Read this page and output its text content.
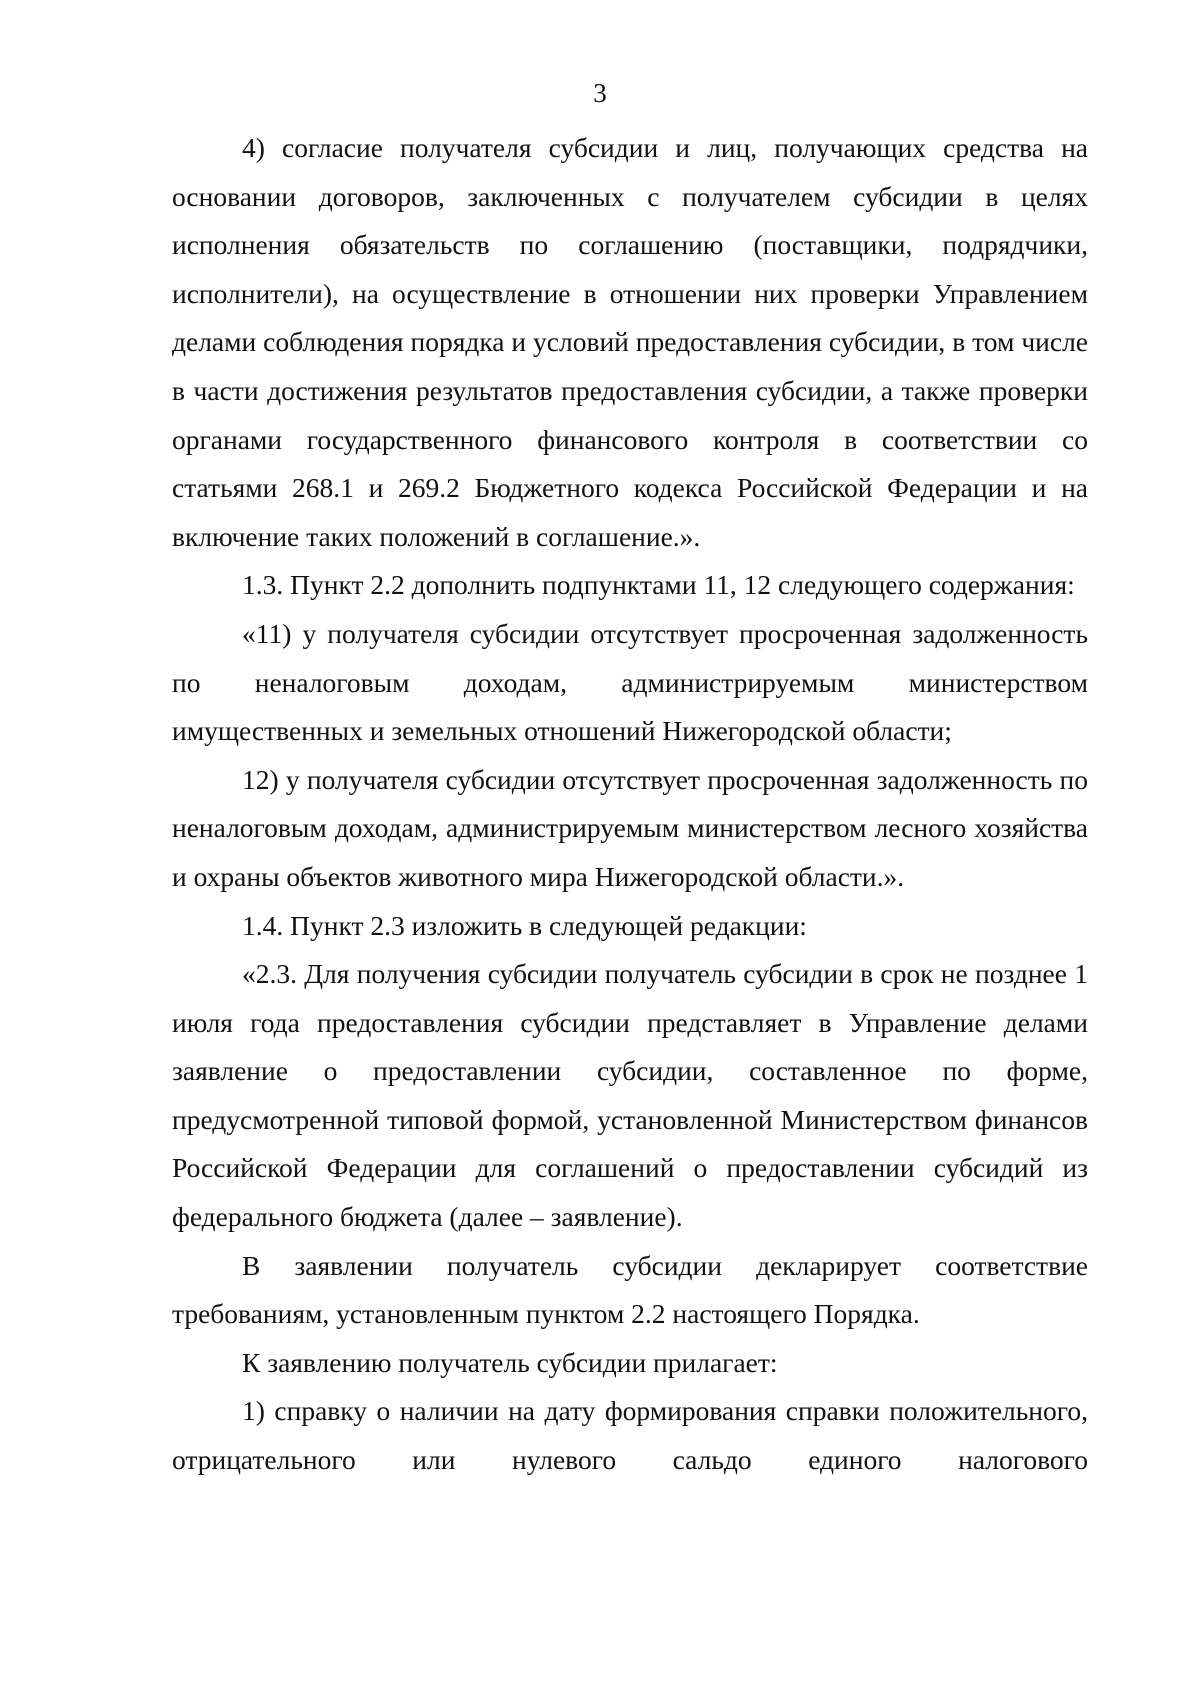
3

4) согласие получателя субсидии и лиц, получающих средства на основании договоров, заключенных с получателем субсидии в целях исполнения обязательств по соглашению (поставщики, подрядчики, исполнители), на осуществление в отношении них проверки Управлением делами соблюдения порядка и условий предоставления субсидии, в том числе в части достижения результатов предоставления субсидии, а также проверки органами государственного финансового контроля в соответствии со статьями 268.1 и 269.2 Бюджетного кодекса Российской Федерации и на включение таких положений в соглашение.».

1.3. Пункт 2.2 дополнить подпунктами 11, 12 следующего содержания:

«11) у получателя субсидии отсутствует просроченная задолженность по неналоговым доходам, администрируемым министерством имущественных и земельных отношений Нижегородской области;

12) у получателя субсидии отсутствует просроченная задолженность по неналоговым доходам, администрируемым министерством лесного хозяйства и охраны объектов животного мира Нижегородской области.».

1.4. Пункт 2.3 изложить в следующей редакции:

«2.3. Для получения субсидии получатель субсидии в срок не позднее 1 июля года предоставления субсидии представляет в Управление делами заявление о предоставлении субсидии, составленное по форме, предусмотренной типовой формой, установленной Министерством финансов Российской Федерации для соглашений о предоставлении субсидий из федерального бюджета (далее – заявление).

В заявлении получатель субсидии декларирует соответствие требованиям, установленным пунктом 2.2 настоящего Порядка.

К заявлению получатель субсидии прилагает:

1) справку о наличии на дату формирования справки положительного, отрицательного или нулевого сальдо единого налогового
